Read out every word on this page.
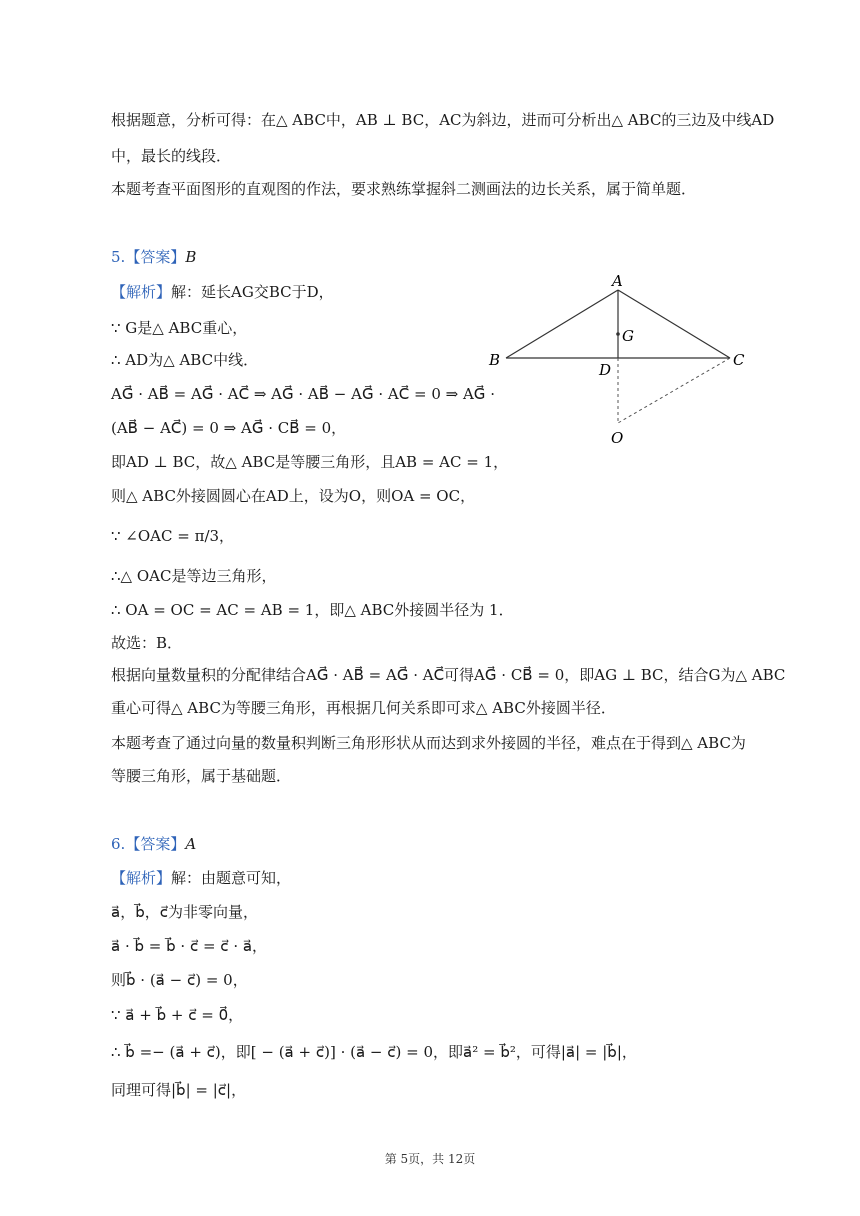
根据题意，分析可得：在△ ABC中，AB ⊥ BC，AC为斜边，进而可分析出△ ABC的三边及中线AD
中，最长的线段．
本题考查平面图形的直观图的作法，要求熟练掌握斜二测画法的边长关系，属于简单题．
5.【答案】B
【解析】解：延长AG交BC于D，
∵ G是△ ABC重心，
∴ AD为△ ABC中线．
AG⃗ · AB⃗ = AG⃗ · AC⃗ ⇒ AG⃗ · AB⃗ − AG⃗ · AC⃗ = 0 ⇒ AG⃗ ·
(AB⃗ − AC⃗) = 0 ⇒ AG⃗ · CB⃗ = 0，
即AD ⊥ BC，故△ ABC是等腰三角形，且AB = AC = 1，
则△ ABC外接圆圆心在AD上，设为O，则OA = OC，
∵ ∠OAC = π/3，
∴△ OAC是等边三角形，
∴ OA = OC = AC = AB = 1，即△ ABC外接圆半径为 1．
故选：B．
根据向量数量积的分配律结合AG⃗ · AB⃗ = AG⃗ · AC⃗可得AG⃗ · CB⃗ = 0，即AG ⊥ BC，结合G为△ ABC
重心可得△ ABC为等腰三角形，再根据几何关系即可求△ ABC外接圆半径．
本题考查了通过向量的数量积判断三角形形状从而达到求外接圆的半径，难点在于得到△ ABC为
等腰三角形，属于基础题．
A
G
B	C
D
O
6.【答案】A
【解析】解：由题意可知，
a⃗，b⃗，c⃗为非零向量，
a⃗ · b⃗ = b⃗ · c⃗ = c⃗ · a⃗，
则b⃗ · (a⃗ − c⃗) = 0，
∵ a⃗ + b⃗ + c⃗ = 0⃗，
∴ b⃗ =− (a⃗ + c⃗)，即[ − (a⃗ + c⃗)] · (a⃗ − c⃗) = 0，即a⃗² = b⃗²，可得|a⃗| = |b⃗|，
同理可得|b⃗| = |c⃗|，
第 5页，共 12页
